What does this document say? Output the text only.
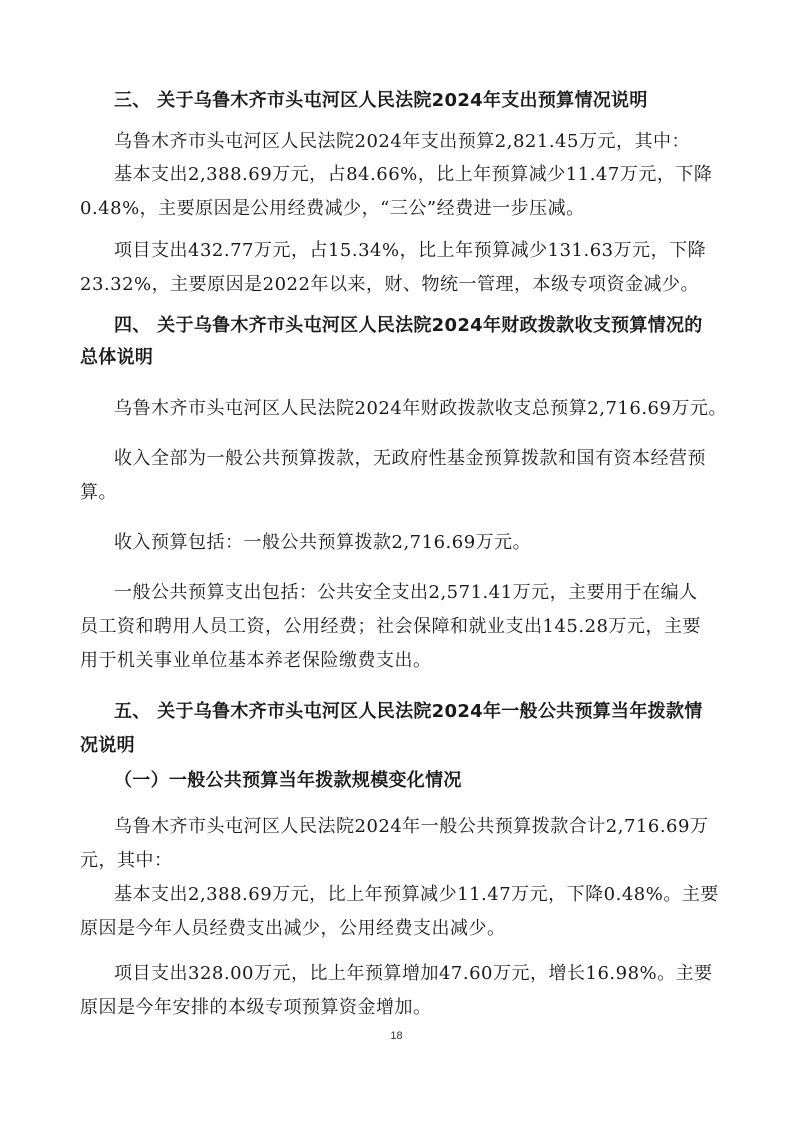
三、 关于乌鲁木齐市头屯河区人民法院2024年支出预算情况说明

乌鲁木齐市头屯河区人民法院2024年支出预算2,821.45万元，其中：

基本支出2,388.69万元，占84.66%，比上年预算减少11.47万元，下降

0.48%，主要原因是公用经费减少，“三公”经费进一步压减。

项目支出432.77万元，占15.34%，比上年预算减少131.63万元，下降

23.32%，主要原因是2022年以来，财、物统一管理，本级专项资金减少。

四、 关于乌鲁木齐市头屯河区人民法院2024年财政拨款收支预算情况的

总体说明

乌鲁木齐市头屯河区人民法院2024年财政拨款收支总预算2,716.69万元。

收入全部为一般公共预算拨款，无政府性基金预算拨款和国有资本经营预

算。

收入预算包括：一般公共预算拨款2,716.69万元。

一般公共预算支出包括：公共安全支出2,571.41万元，主要用于在编人

员工资和聘用人员工资，公用经费；社会保障和就业支出145.28万元，主要

用于机关事业单位基本养老保险缴费支出。

五、 关于乌鲁木齐市头屯河区人民法院2024年一般公共预算当年拨款情

况说明

（一）一般公共预算当年拨款规模变化情况

乌鲁木齐市头屯河区人民法院2024年一般公共预算拨款合计2,716.69万

元，其中：

基本支出2,388.69万元，比上年预算减少11.47万元，下降0.48%。主要

原因是今年人员经费支出减少，公用经费支出减少。

项目支出328.00万元，比上年预算增加47.60万元，增长16.98%。主要

原因是今年安排的本级专项预算资金增加。

18
